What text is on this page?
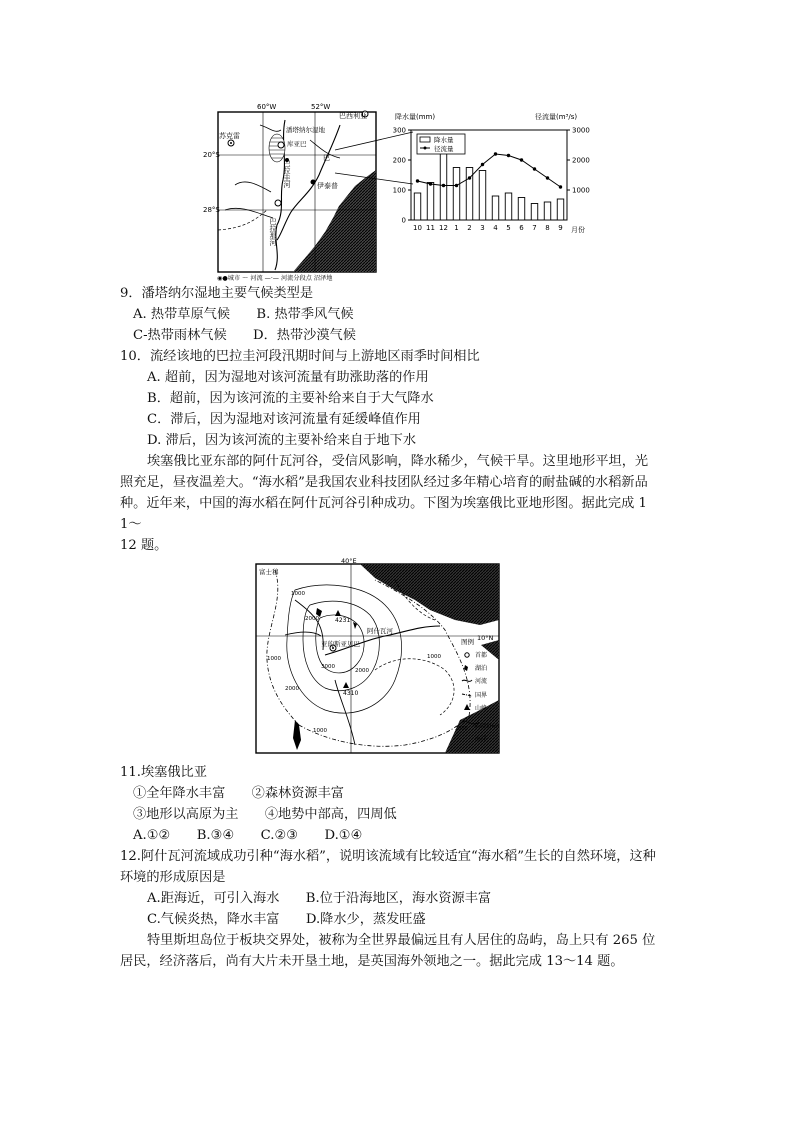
60°W	52°W
20°S
28°S
苏克雷
巴西利亚
潘塔纳尔湿地
库亚巴
巴
伊泰普
巴拉圭河
巴拉那河
◉●城市 ～ 河流 —·— 河流分段点 沼泽地
降水量(mm)	径流量(m³/s)
0
100
200
300
1000
2000
3000
10 11 12 1 2 3 4 5 6 7 8 9
降水量
径流量
月份
9．潘塔纳尔湿地主要气候类型是
A. 热带草原气候　　B. 热带季风气候
C-热带雨林气候　　D．热带沙漠气候
10．流经该地的巴拉圭河段汛期时间与上游地区雨季时间相比
A. 超前，因为湿地对该河流量有助涨助落的作用
B．超前，因为该河流的主要补给来自于大气降水
C．滞后，因为湿地对该河流量有延缓峰值作用
D. 滞后，因为该河流的主要补给来自于地下水
埃塞俄比亚东部的阿什瓦河谷，受信风影响，降水稀少，气候干旱。这里地形平坦，光
照充足，昼夜温差大。“海水稻”是我国农业科技团队经过多年精心培育的耐盐碱的水稻新品
种。近年来，中国的海水稻在阿什瓦河谷引种成功。下图为埃塞俄比亚地形图。据此完成 1
1～
12 题。
40°E
10°N
富士穆
亚的斯亚贝巴
阿什瓦河
4231
4310
1000
1000	1000
1000
2000
2000
2000
3000
图例
首都
湖泊
河流
国界
山峰
2000 等高线(m)
海洋
11.埃塞俄比亚
①全年降水丰富　　②森林资源丰富
③地形以高原为主　　④地势中部高，四周低
A.①②　　B.③④　　C.②③　　D.①④
12.阿什瓦河流域成功引种“海水稻”，说明该流域有比较适宜“海水稻”生长的自然环境，这种
环境的形成原因是
A.距海近，可引入海水　　B.位于沿海地区，海水资源丰富
C.气候炎热，降水丰富　　D.降水少，蒸发旺盛
特里斯坦岛位于板块交界处，被称为全世界最偏远且有人居住的岛屿，岛上只有 265 位
居民，经济落后，尚有大片未开垦土地，是英国海外领地之一。据此完成 13～14 题。
